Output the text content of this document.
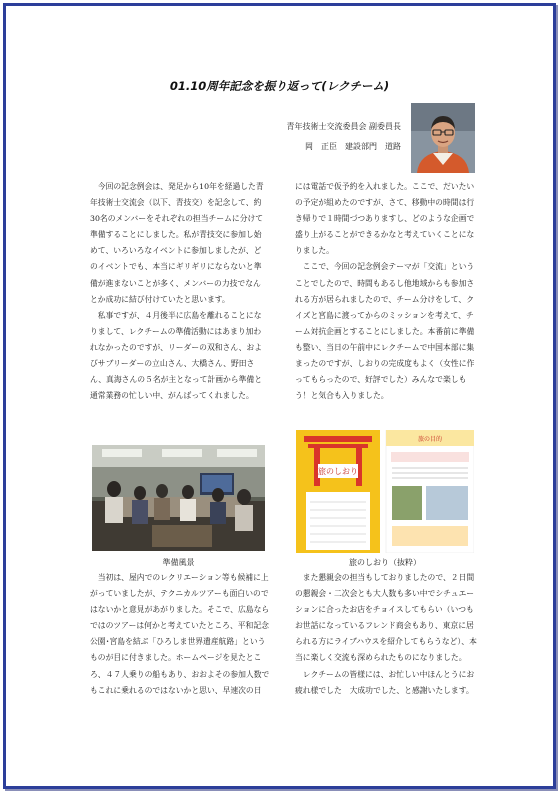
01.10周年記念を振り返って(レクチーム)
青年技術士交流委員会 副委員長
岡　正臣　建設部門　道路

今回の記念例会は、発足から10年を経過した青年技術士交流会（以下、青技交）を記念して、約30名のメンバーをそれぞれの担当チームに分けて準備することにしました。私が青技交に参加し始めて、いろいろなイベントに参加しましたが、どのイベントでも、本当にギリギリにならないと準備が進まないことが多く、メンバーの力技でなんとか成功に結び付けていたと思います。

私事ですが、４月後半に広島を離れることになりまして、レクチームの準備活動にはあまり加われなかったのですが、リーダーの双和さん、およびサブリーダーの立山さん、大橋さん、野田さん、真海さんの５名が主となって計画から準備と通常業務の忙しい中、がんばってくれました。

には電話で仮予約を入れました。ここで、だいたいの予定が組めたのですが、さて、移動中の時間は行き帰りで１時間づつありますし、どのような企画で盛り上がることができるかなと考えていくことになりました。

ここで、今回の記念例会テーマが「交流」ということでしたので、時間もあるし他地域からも参加される方が居られましたので、チーム分けをして、クイズと宮島に渡ってからのミッションを考えて、チーム対抗企画とすることにしました。本番前に準備も整い、当日の午前中にレクチームで中国本部に集まったのですが、しおりの完成度もよく（女性に作ってもらったので、好評でした）みんなで楽しもう！と気合も入りました。

準備風景
旅のしおり
旅の目的
旅のしおり（抜粋）

当初は、屋内でのレクリエーション等も候補に上がっていましたが、テクニカルツアーも面白いのではないかと意見があがりました。そこで、広島ならではのツアーは何かと考えていたところ、平和記念公園･宮島を結ぶ「ひろしま世界遺産航路」というものが目に付きました。ホームページを見たところ、４７人乗りの船もあり、おおよその参加人数でもこれに乗れるのではないかと思い、早速次の日

また懇親会の担当もしておりましたので、２日間の懇親会・二次会とも大人数も多い中でシチュエーションに合ったお店をチョイスしてもらい（いつもお世話になっているフレンド商会もあり、東京に居られる方にライブハウスを紹介してもらうなど）、本当に楽しく交流も深められたものになりました。

レクチームの皆様には、お忙しい中ほんとうにお疲れ様でした　大成功でした、と感謝いたします。
